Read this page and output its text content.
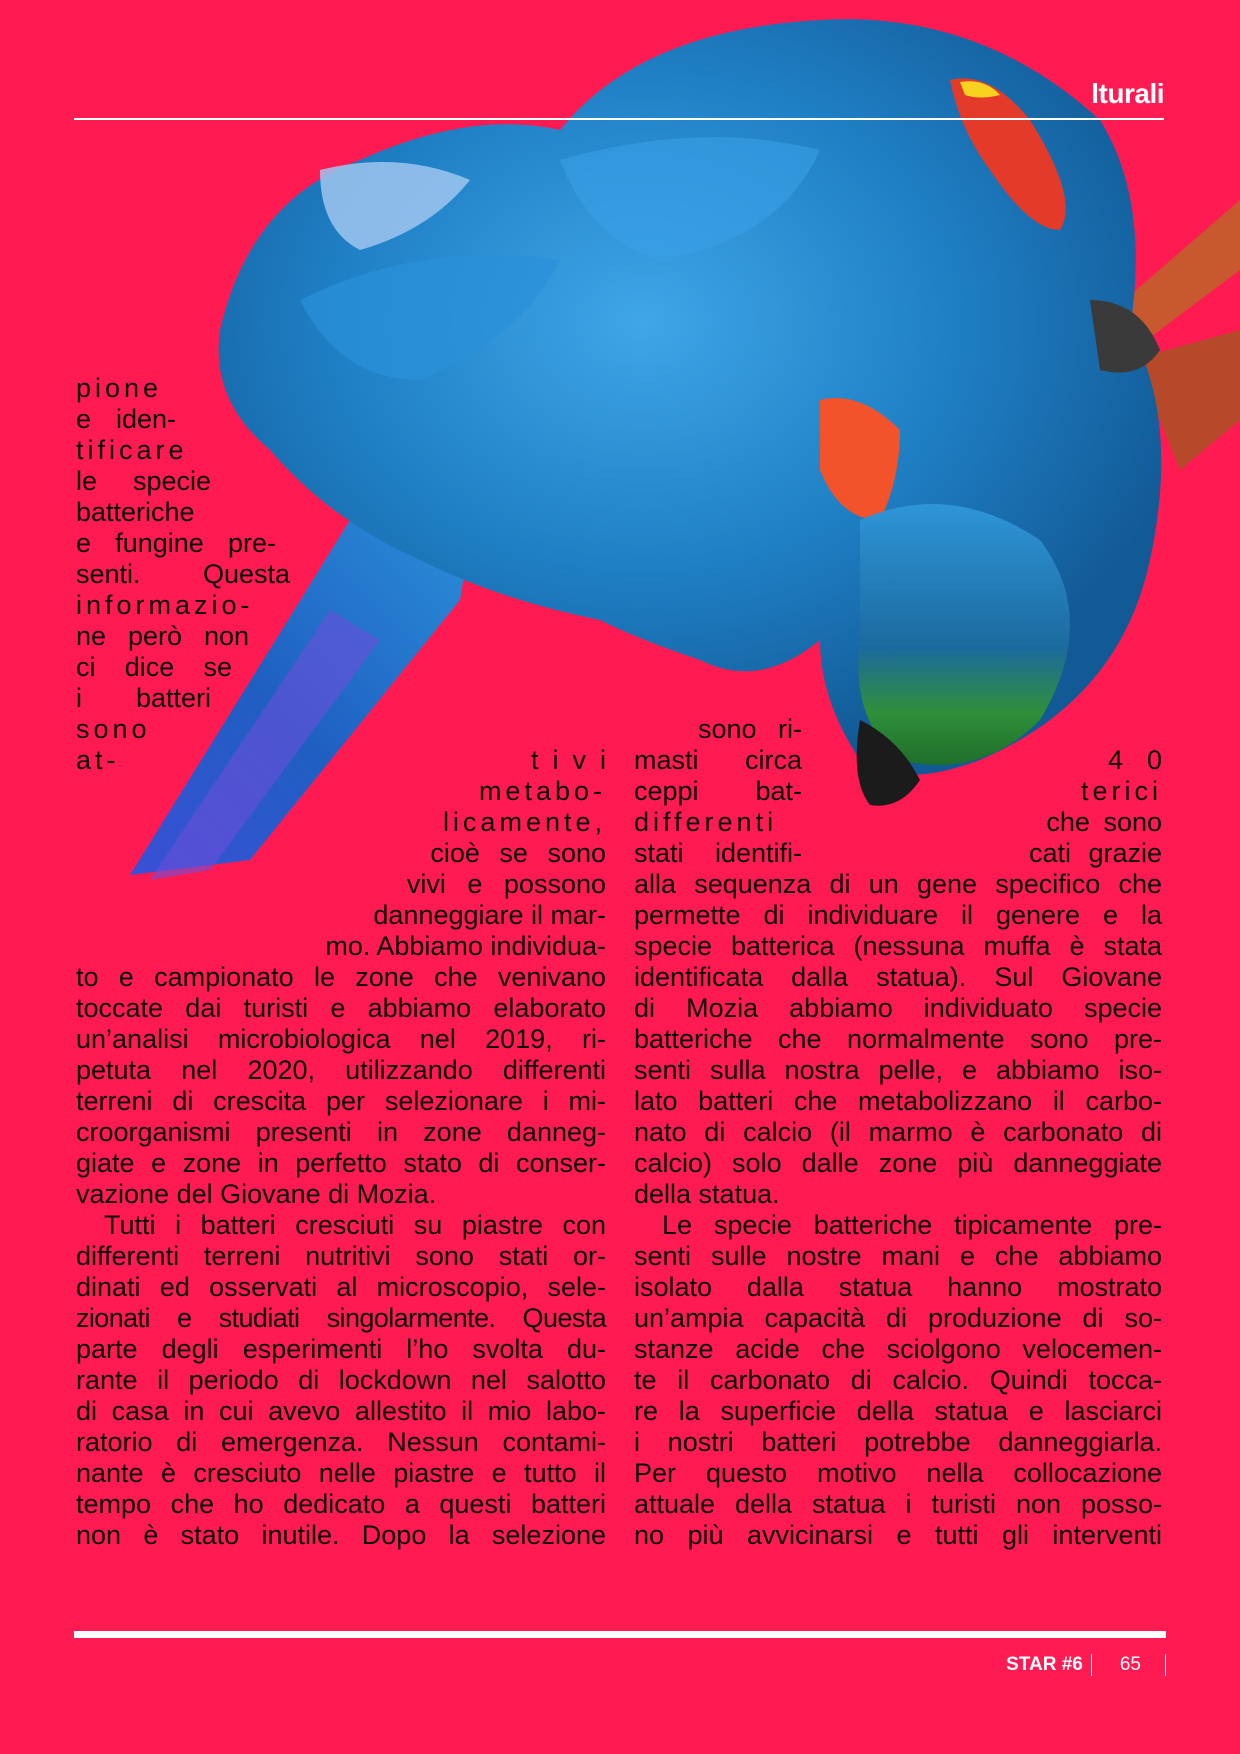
lturali
pione
e iden-
tificare
le specie
batteriche
e fungine pre-
senti. Questa
informazio-
ne però non
ci dice se
i batteri
sono
at-	tivi
metabo-
licamente,
cioè se sono
vivi e possono
danneggiare il mar-
mo. Abbiamo individua-
to e campionato le zone che venivano
toccate dai turisti e abbiamo elaborato
un’analisi microbiologica nel 2019, ri-
petuta nel 2020, utilizzando differenti
terreni di crescita per selezionare i mi-
croorganismi presenti in zone danneg-
giate e zone in perfetto stato di conser-
vazione del Giovane di Mozia.
Tutti i batteri cresciuti su piastre con
differenti terreni nutritivi sono stati or-
dinati ed osservati al microscopio, sele-
zionati e studiati singolarmente. Questa
parte degli esperimenti l’ho svolta du-
rante il periodo di lockdown nel salotto
di casa in cui avevo allestito il mio labo-
ratorio di emergenza. Nessun contami-
nante è cresciuto nelle piastre e tutto il
tempo che ho dedicato a questi batteri
non è stato inutile. Dopo la selezione
sono ri-
masti circa
ceppi bat-
differenti
stati identifi-
40
terici
che sono
cati grazie
alla sequenza di un gene specifico che
permette di individuare il genere e la
specie batterica (nessuna muffa è stata
identificata dalla statua). Sul Giovane
di Mozia abbiamo individuato specie
batteriche che normalmente sono pre-
senti sulla nostra pelle, e abbiamo iso-
lato batteri che metabolizzano il carbo-
nato di calcio (il marmo è carbonato di
calcio) solo dalle zone più danneggiate
della statua.
Le specie batteriche tipicamente pre-
senti sulle nostre mani e che abbiamo
isolato dalla statua hanno mostrato
un’ampia capacità di produzione di so-
stanze acide che sciolgono velocemen-
te il carbonato di calcio. Quindi tocca-
re la superficie della statua e lasciarci
i nostri batteri potrebbe danneggiarla.
Per questo motivo nella collocazione
attuale della statua i turisti non posso-
no più avvicinarsi e tutti gli interventi
STAR #6	65
